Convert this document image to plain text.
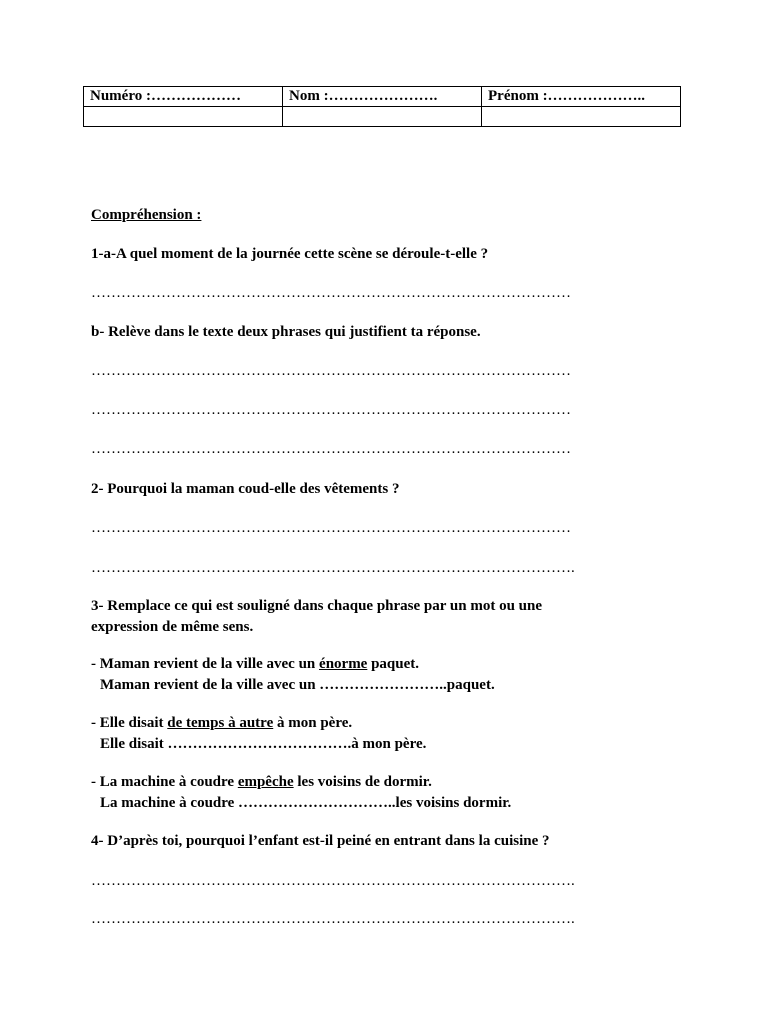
Numéro :………………	Nom :………………….	Prénom :………………..

Compréhension :
1-a-A quel moment de la journée cette scène se déroule-t-elle ?
……………………………………………………………………………………
b- Relève dans le texte deux phrases qui justifient ta réponse.
……………………………………………………………………………………
……………………………………………………………………………………
……………………………………………………………………………………
2- Pourquoi la maman coud-elle des vêtements ?
……………………………………………………………………………………
…………………………………………………………………………………….
3- Remplace ce qui est souligné dans chaque phrase par un mot ou une
expression de même sens.
- Maman revient de la ville avec un énorme paquet.
Maman revient de la ville avec un ……………………..paquet.
- Elle disait de temps à autre à mon père.
Elle disait ……………………………….à mon père.
- La machine à coudre empêche les voisins de dormir.
La machine à coudre …………………………..les voisins dormir.
4- D’après toi, pourquoi l’enfant est-il peiné en entrant dans la cuisine ?
…………………………………………………………………………………….
…………………………………………………………………………………….
